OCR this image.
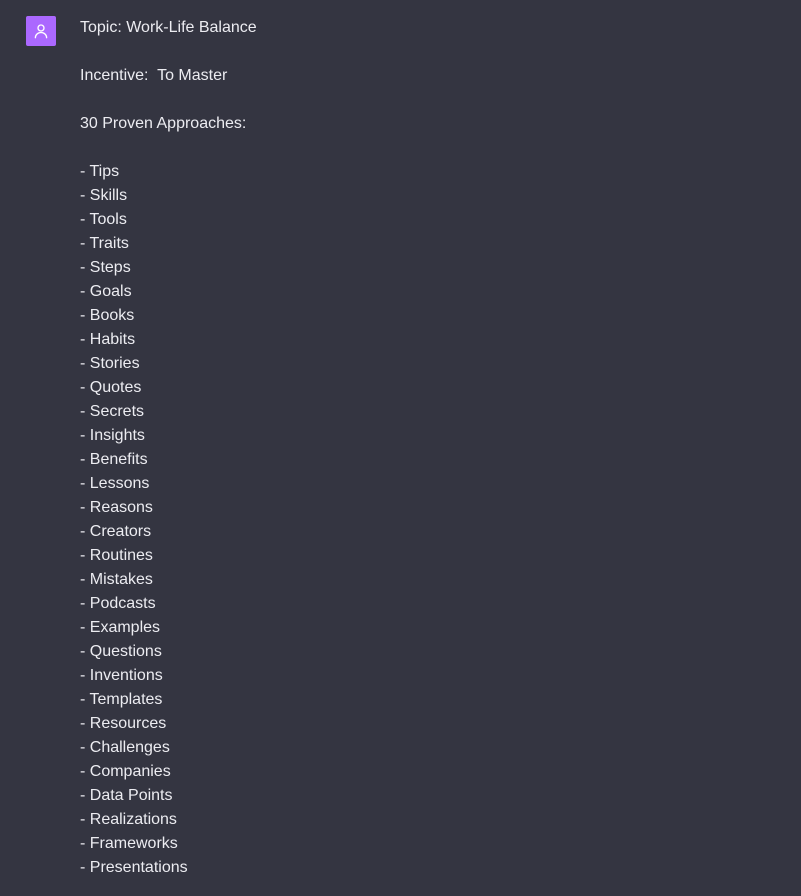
Topic: Work-Life Balance
Incentive:  To Master
30 Proven Approaches:
- Tips
- Skills
- Tools
- Traits
- Steps
- Goals
- Books
- Habits
- Stories
- Quotes
- Secrets
- Insights
- Benefits
- Lessons
- Reasons
- Creators
- Routines
- Mistakes
- Podcasts
- Examples
- Questions
- Inventions
- Templates
- Resources
- Challenges
- Companies
- Data Points
- Realizations
- Frameworks
- Presentations
